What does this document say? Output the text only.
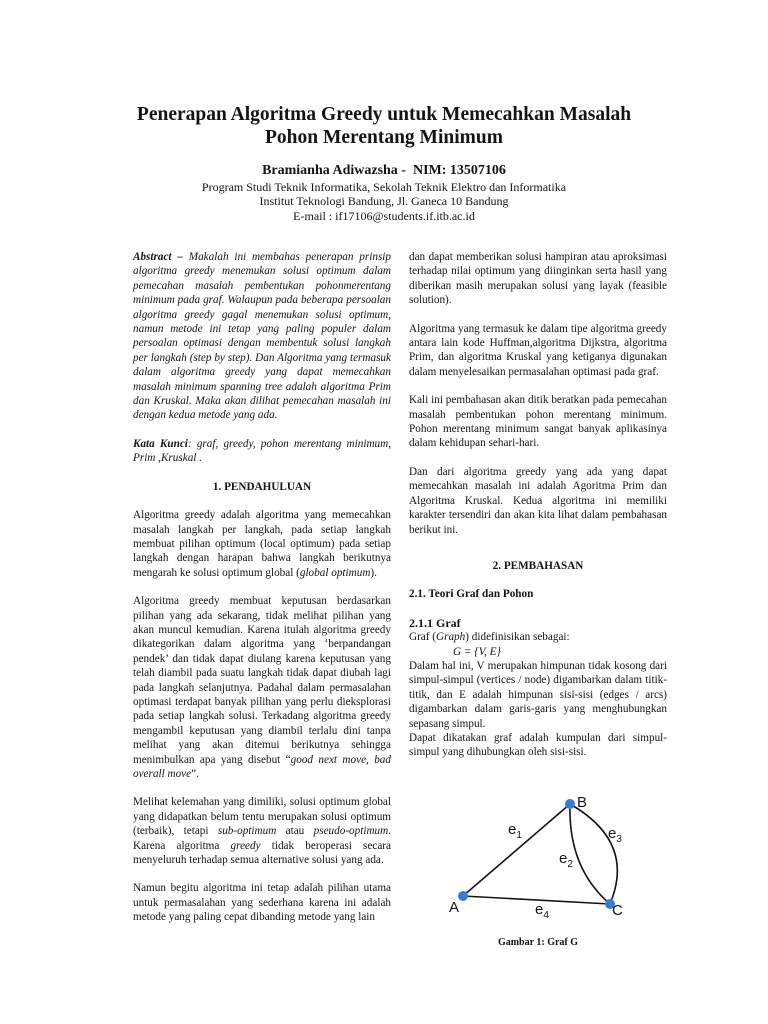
Penerapan Algoritma Greedy untuk Memecahkan Masalah
Pohon Merentang Minimum
Bramianha Adiwazsha -  NIM: 13507106
Program Studi Teknik Informatika, Sekolah Teknik Elektro dan Informatika
Institut Teknologi Bandung, Jl. Ganeca 10 Bandung
E-mail : if17106@students.if.itb.ac.id

Abstract – Makalah ini membahas penerapan prinsip algoritma greedy menemukan solusi optimum dalam pemecahan masalah pembentukan pohonmerentang minimum pada graf. Walaupun pada beberapa persoalan algoritma greedy gagal menemukan solusi optimum, namun metode ini tetap yang paling populer dalam persoalan optimasi dengan membentuk solusi langkah per langkah (step by step). Dan Algoritma yang termasuk dalam algoritma greedy yang dapat memecahkan masalah minimum spanning tree adalah algoritma Prim dan Kruskal. Maka akan dilihat pemecahan masalah ini dengan kedua metode yang ada.

Kata Kunci: graf, greedy, pohon merentang minimum, Prim ,Kruskal .

1. PENDAHULUAN

Algoritma greedy adalah algoritma yang memecahkan masalah langkah per langkah, pada setiap langkah membuat pilihan optimum (local optimum) pada setiap langkah dengan harapan bahwa langkah berikutnya mengarah ke solusi optimum global (global optimum).

Algoritma greedy membuat keputusan berdasarkan pilihan yang ada sekarang, tidak melihat pilihan yang akan muncul kemudian. Karena itulah algoritma greedy dikategorikan dalam algoritma yang ‘berpandangan pendek’ dan tidak dapat diulang karena keputusan yang telah diambil pada suatu langkah tidak dapat diubah lagi pada langkah selanjutnya. Padahal dalam permasalahan optimasi terdapat banyak pilihan yang perlu dieksplorasi pada setiap langkah solusi. Terkadang algoritma greedy mengambil keputusan yang diambil terlalu dini tanpa melihat yang akan ditemui berikutnya sehingga menimbulkan apa yang disebut “good next move, bad overall move”.

Melihat kelemahan yang dimiliki, solusi optimum global yang didapatkan belum tentu merupakan solusi optimum (terbaik), tetapi sub-optimum atau pseudo-optimum. Karena algoritma greedy tidak beroperasi secara menyeluruh terhadap semua alternative solusi yang ada.

Namun begitu algoritma ini tetap adalah pilihan utama untuk permasalahan yang sederhana karena ini adalah metode yang paling cepat dibanding metode yang lain

dan dapat memberikan solusi hampiran atau aproksimasi terhadap nilai optimum yang diinginkan serta hasil yang diberikan masih merupakan solusi yang layak (feasible solution).

Algoritma yang termasuk ke dalam tipe algoritma greedy antara lain kode Huffman,algoritma Dijkstra, algoritma Prim, dan algoritma Kruskal yang ketiganya digunakan dalam menyelesaikan permasalahan optimasi pada graf.

Kali ini pembahasan akan ditik beratkan pada pemecahan masalah pembentukan pohon merentang minimum. Pohon merentang minimum sangat banyak aplikasinya dalam kehidupan sehari-hari.

Dan dari algoritma greedy yang ada yang dapat memecahkan masalah ini adalah Agoritma Prim dan Algoritma Kruskal. Kedua algoritma ini memiliki karakter tersendiri dan akan kita lihat dalam pembahasan berikut ini.

2. PEMBAHASAN

2.1. Teori Graf dan Pohon

2.1.1 Graf

Graf (Graph) didefinisikan sebagai:

G = {V, E}

Dalam hal ini, V merupakan himpunan tidak kosong dari simpul-simpul (vertices / node) digambarkan dalam titik-titik, dan E adalah himpunan sisi-sisi (edges / arcs) digambarkan dalam garis-garis yang menghubungkan sepasang simpul.

Dapat dikatakan graf adalah kumpulan dari simpul-simpul yang dihubungkan oleh sisi-sisi.

A
B
C
$e_1$
$e_2$
$e_3$
$e_4$
Gambar 1: Graf G
